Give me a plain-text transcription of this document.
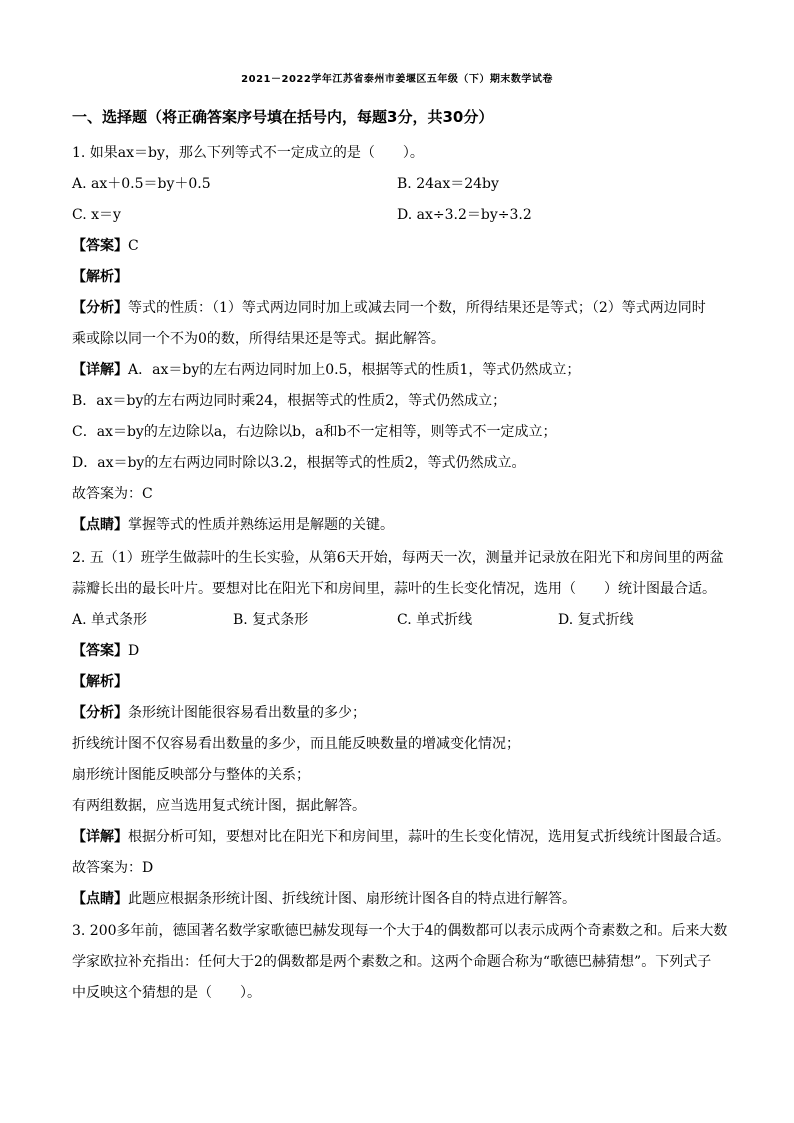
2021－2022学年江苏省泰州市姜堰区五年级（下）期末数学试卷
一、选择题（将正确答案序号填在括号内，每题3分，共30分）
1. 如果ax＝by，那么下列等式不一定成立的是（　　）。
A. ax＋0.5＝by＋0.5	B. 24ax＝24by
C. x＝y	D. ax÷3.2＝by÷3.2
【答案】C
【解析】
【分析】等式的性质：（1）等式两边同时加上或减去同一个数，所得结果还是等式；（2）等式两边同时
乘或除以同一个不为0的数，所得结果还是等式。据此解答。
【详解】A．ax＝by的左右两边同时加上0.5，根据等式的性质1，等式仍然成立；
B．ax＝by的左右两边同时乘24，根据等式的性质2，等式仍然成立；
C．ax＝by的左边除以a，右边除以b，a和b不一定相等，则等式不一定成立；
D．ax＝by的左右两边同时除以3.2，根据等式的性质2，等式仍然成立。
故答案为：C
【点睛】掌握等式的性质并熟练运用是解题的关键。
2. 五（1）班学生做蒜叶的生长实验，从第6天开始，每两天一次，测量并记录放在阳光下和房间里的两盆
蒜瓣长出的最长叶片。要想对比在阳光下和房间里，蒜叶的生长变化情况，选用（　　）统计图最合适。
A. 单式条形	B. 复式条形	C. 单式折线	D. 复式折线
【答案】D
【解析】
【分析】条形统计图能很容易看出数量的多少；
折线统计图不仅容易看出数量的多少，而且能反映数量的增减变化情况；
扇形统计图能反映部分与整体的关系；
有两组数据，应当选用复式统计图，据此解答。
【详解】根据分析可知，要想对比在阳光下和房间里，蒜叶的生长变化情况，选用复式折线统计图最合适。
故答案为：D
【点睛】此题应根据条形统计图、折线统计图、扇形统计图各自的特点进行解答。
3. 200多年前，德国著名数学家歌德巴赫发现每一个大于4的偶数都可以表示成两个奇素数之和。后来大数
学家欧拉补充指出：任何大于2的偶数都是两个素数之和。这两个命题合称为“歌德巴赫猜想”。下列式子
中反映这个猜想的是（　　）。
